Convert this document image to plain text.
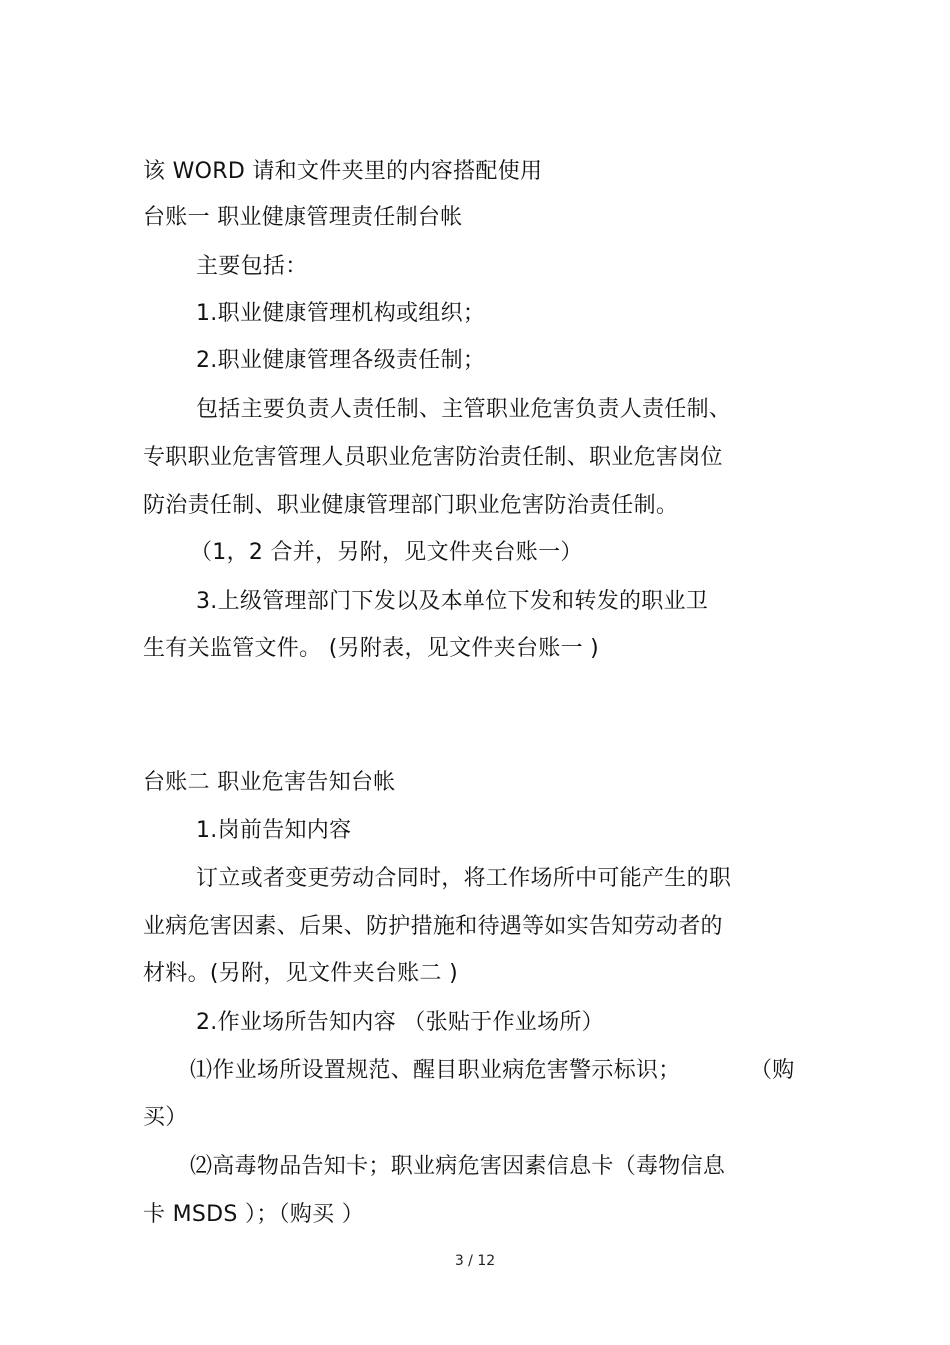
该 WORD 请和文件夹里的内容搭配使用
台账一 职业健康管理责任制台帐
主要包括：
1.职业健康管理机构或组织；
2.职业健康管理各级责任制；
包括主要负责人责任制、主管职业危害负责人责任制、
专职职业危害管理人员职业危害防治责任制、职业危害岗位
防治责任制、职业健康管理部门职业危害防治责任制。
（1，2 合并，另附，见文件夹台账一）
3.上级管理部门下发以及本单位下发和转发的职业卫
生有关监管文件。 (另附表，见文件夹台账一 )
台账二 职业危害告知台帐
1.岗前告知内容
订立或者变更劳动合同时，将工作场所中可能产生的职
业病危害因素、后果、防护措施和待遇等如实告知劳动者的
材料。(另附，见文件夹台账二 )
2.作业场所告知内容 （张贴于作业场所）
⑴作业场所设置规范、醒目职业病危害警示标识；	（购
买）
⑵高毒物品告知卡；职业病危害因素信息卡（毒物信息
卡 MSDS ）；（购买 ）
3 / 12
